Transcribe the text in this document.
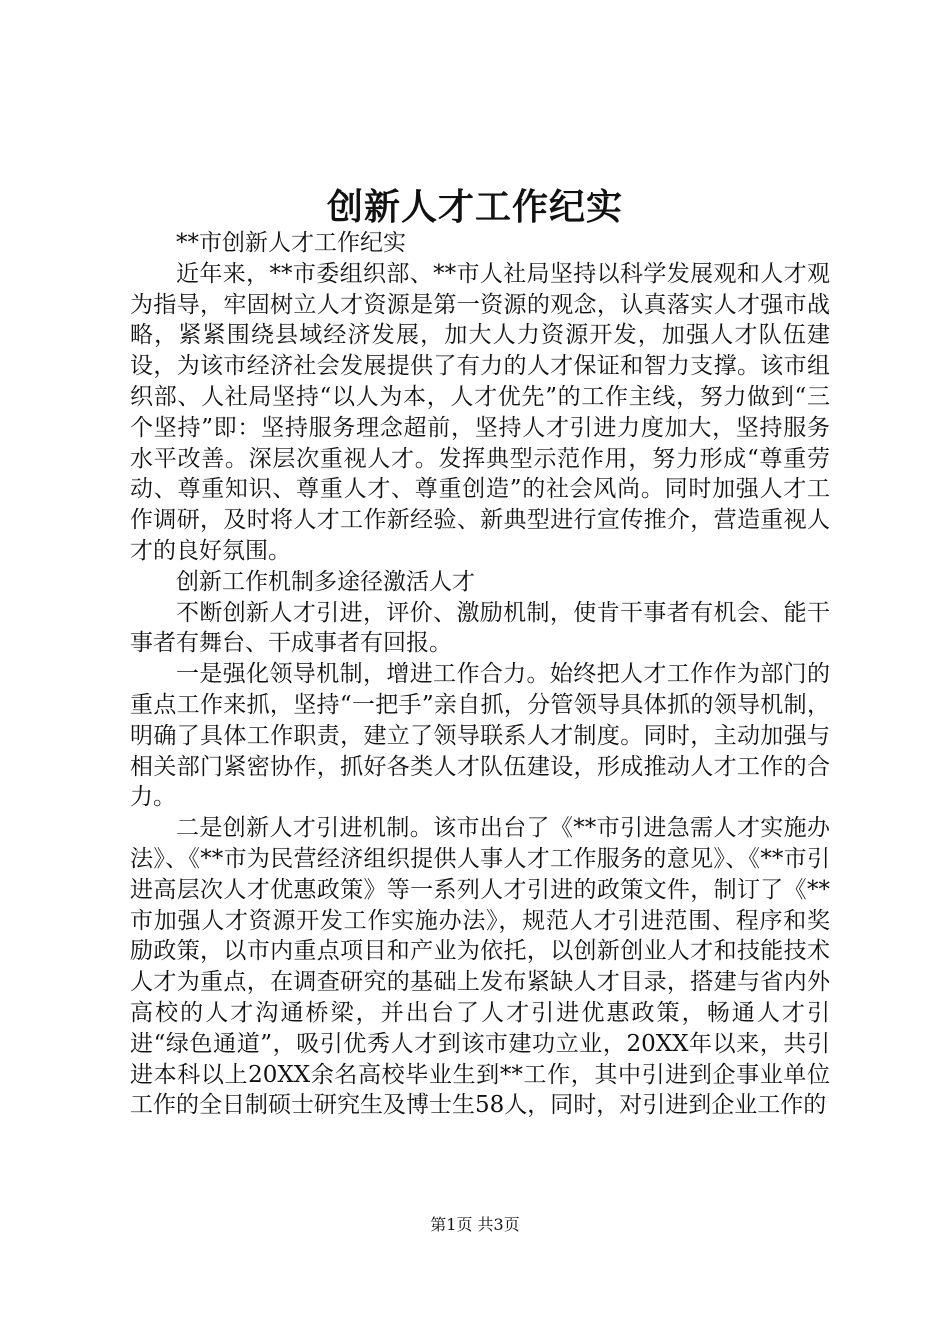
创新人才工作纪实

**市创新人才工作纪实

近年来，**市委组织部、**市人社局坚持以科学发展观和人才观为指导，牢固树立人才资源是第一资源的观念，认真落实人才强市战略，紧紧围绕县域经济发展，加大人力资源开发，加强人才队伍建设，为该市经济社会发展提供了有力的人才保证和智力支撑。该市组织部、人社局坚持“以人为本，人才优先”的工作主线，努力做到“三个坚持”即：坚持服务理念超前，坚持人才引进力度加大，坚持服务水平改善。深层次重视人才。发挥典型示范作用，努力形成“尊重劳动、尊重知识、尊重人才、尊重创造”的社会风尚。同时加强人才工作调研，及时将人才工作新经验、新典型进行宣传推介，营造重视人才的良好氛围。

创新工作机制多途径激活人才

不断创新人才引进，评价、激励机制，使肯干事者有机会、能干事者有舞台、干成事者有回报。

一是强化领导机制，增进工作合力。始终把人才工作作为部门的重点工作来抓，坚持“一把手”亲自抓，分管领导具体抓的领导机制，明确了具体工作职责，建立了领导联系人才制度。同时，主动加强与相关部门紧密协作，抓好各类人才队伍建设，形成推动人才工作的合力。

二是创新人才引进机制。该市出台了《**市引进急需人才实施办法》、《**市为民营经济组织提供人事人才工作服务的意见》、《**市引进高层次人才优惠政策》等一系列人才引进的政策文件，制订了《**市加强人才资源开发工作实施办法》，规范人才引进范围、程序和奖励政策，以市内重点项目和产业为依托，以创新创业人才和技能技术人才为重点，在调查研究的基础上发布紧缺人才目录，搭建与省内外高校的人才沟通桥梁，并出台了人才引进优惠政策，畅通人才引进“绿色通道”，吸引优秀人才到该市建功立业，20XX年以来，共引进本科以上20XX余名高校毕业生到**工作，其中引进到企事业单位工作的全日制硕士研究生及博士生58人，同时，对引进到企业工作的

第1页 共3页
